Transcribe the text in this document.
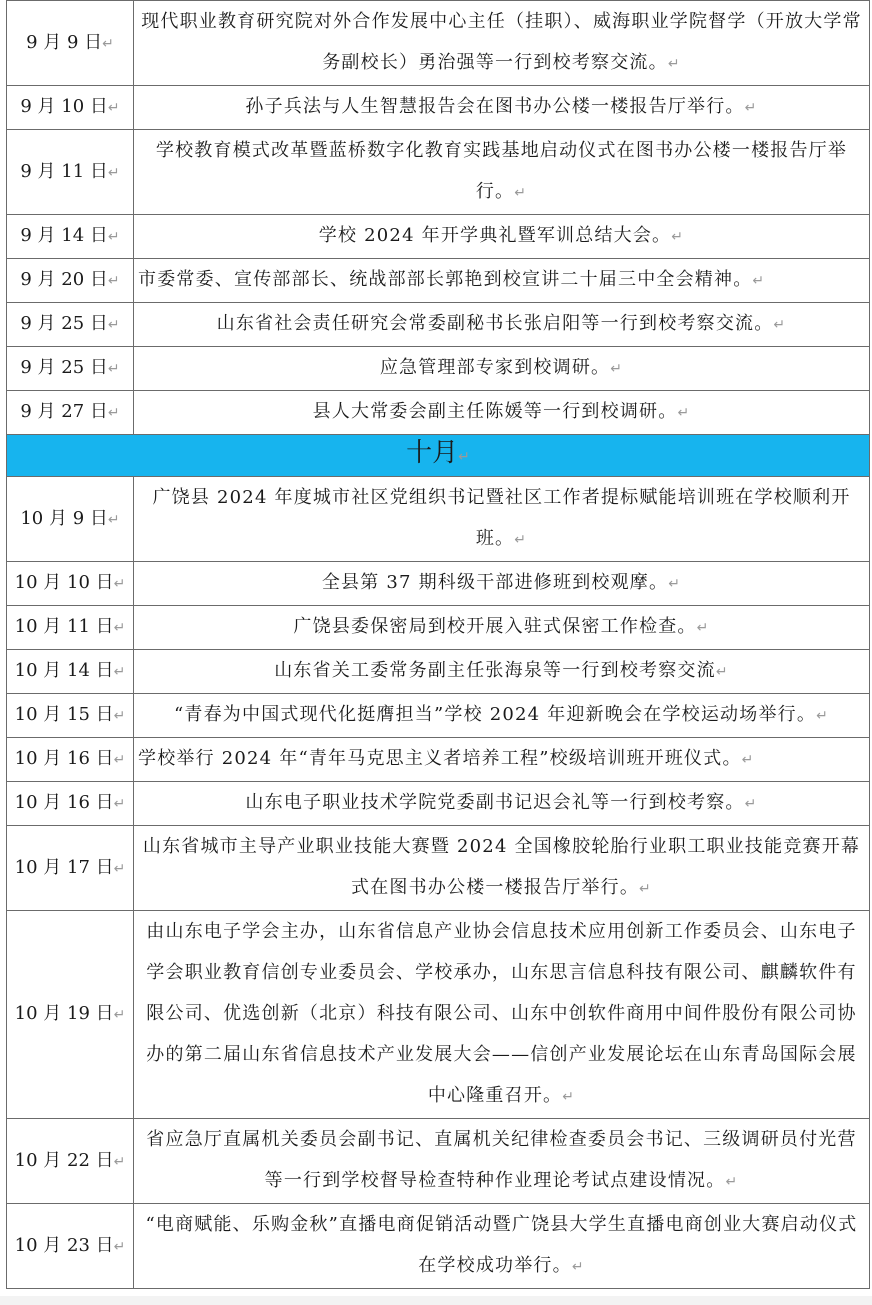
9 月 9 日↵	现代职业教育研究院对外合作发展中心主任（挂职）、威海职业学院督学（开放大学常务副校长）勇治强等一行到校考察交流。↵
9 月 10 日↵	孙子兵法与人生智慧报告会在图书办公楼一楼报告厅举行。↵
9 月 11 日↵	学校教育模式改革暨蓝桥数字化教育实践基地启动仪式在图书办公楼一楼报告厅举行。↵
9 月 14 日↵	学校 2024 年开学典礼暨军训总结大会。↵
9 月 20 日↵	市委常委、宣传部部长、统战部部长郭艳到校宣讲二十届三中全会精神。↵
9 月 25 日↵	山东省社会责任研究会常委副秘书长张启阳等一行到校考察交流。↵
9 月 25 日↵	应急管理部专家到校调研。↵
9 月 27 日↵	县人大常委会副主任陈媛等一行到校调研。↵
十月↵	
10 月 9 日↵	广饶县 2024 年度城市社区党组织书记暨社区工作者提标赋能培训班在学校顺利开班。↵
10 月 10 日↵	全县第 37 期科级干部进修班到校观摩。↵
10 月 11 日↵	广饶县委保密局到校开展入驻式保密工作检查。↵
10 月 14 日↵	山东省关工委常务副主任张海泉等一行到校考察交流↵
10 月 15 日↵	“青春为中国式现代化挺膺担当”学校 2024 年迎新晚会在学校运动场举行。↵
10 月 16 日↵	学校举行 2024 年“青年马克思主义者培养工程”校级培训班开班仪式。↵
10 月 16 日↵	山东电子职业技术学院党委副书记迟会礼等一行到校考察。↵
10 月 17 日↵	山东省城市主导产业职业技能大赛暨 2024 全国橡胶轮胎行业职工职业技能竞赛开幕式在图书办公楼一楼报告厅举行。↵
10 月 19 日↵	由山东电子学会主办，山东省信息产业协会信息技术应用创新工作委员会、山东电子学会职业教育信创专业委员会、学校承办，山东思言信息科技有限公司、麒麟软件有限公司、优选创新（北京）科技有限公司、山东中创软件商用中间件股份有限公司协办的第二届山东省信息技术产业发展大会——信创产业发展论坛在山东青岛国际会展中心隆重召开。↵
10 月 22 日↵	省应急厅直属机关委员会副书记、直属机关纪律检查委员会书记、三级调研员付光营等一行到学校督导检查特种作业理论考试点建设情况。↵
10 月 23 日↵	“电商赋能、乐购金秋”直播电商促销活动暨广饶县大学生直播电商创业大赛启动仪式在学校成功举行。↵
